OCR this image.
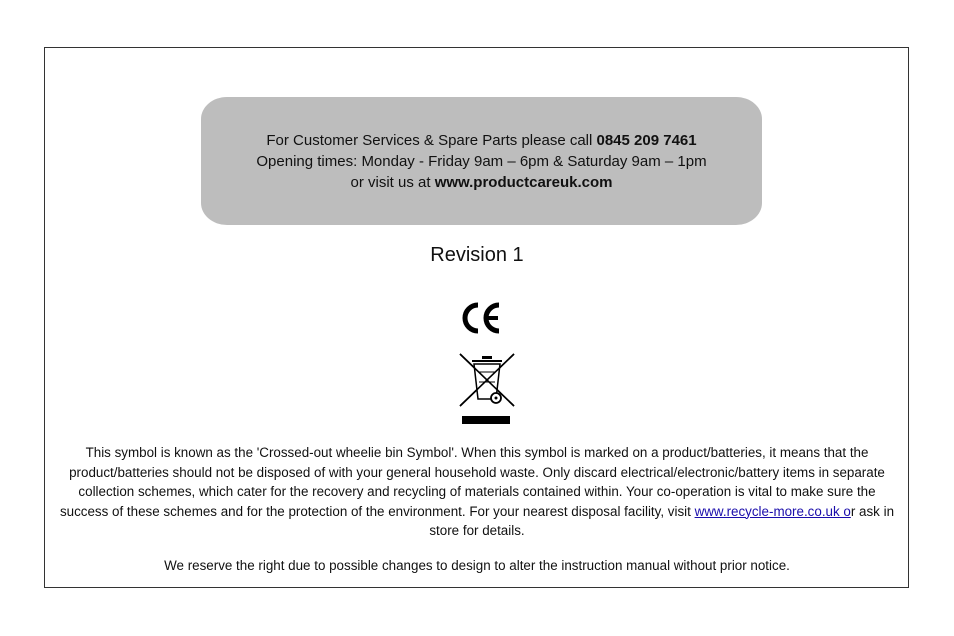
For Customer Services & Spare Parts please call 0845 209 7461
Opening times: Monday - Friday 9am – 6pm & Saturday 9am – 1pm
or visit us at www.productcareuk.com
Revision 1
This symbol is known as the 'Crossed-out wheelie bin Symbol'. When this symbol is marked on a product/batteries, it means that the product/batteries should not be disposed of with your general household waste. Only discard electrical/electronic/battery items in separate collection schemes, which cater for the recovery and recycling of materials contained within. Your co-operation is vital to make sure the success of these schemes and for the protection of the environment. For your nearest disposal facility, visit www.recycle-more.co.uk or ask in store for details.
We reserve the right due to possible changes to design to alter the instruction manual without prior notice.
